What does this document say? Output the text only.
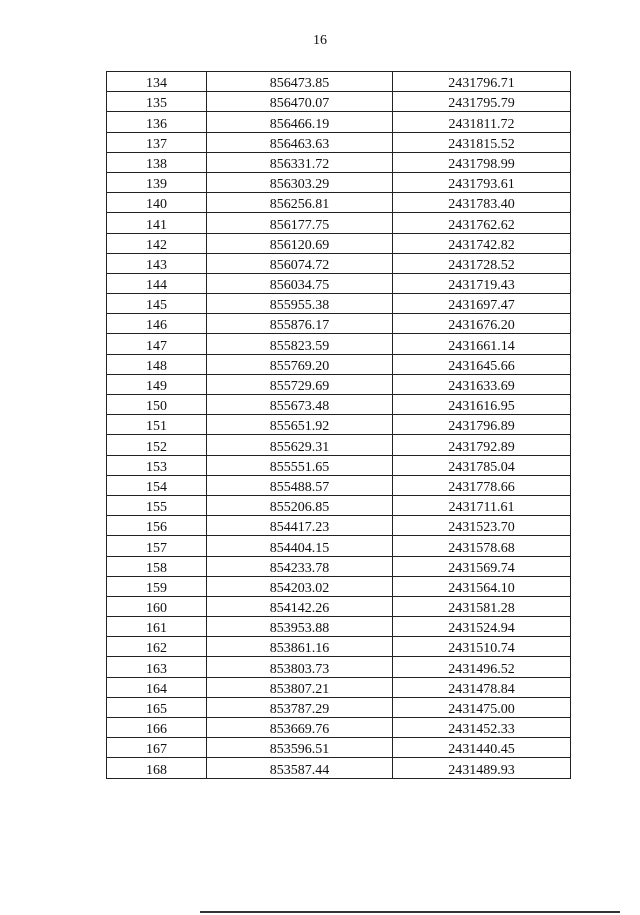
16
134	856473.85	2431796.71
135	856470.07	2431795.79
136	856466.19	2431811.72
137	856463.63	2431815.52
138	856331.72	2431798.99
139	856303.29	2431793.61
140	856256.81	2431783.40
141	856177.75	2431762.62
142	856120.69	2431742.82
143	856074.72	2431728.52
144	856034.75	2431719.43
145	855955.38	2431697.47
146	855876.17	2431676.20
147	855823.59	2431661.14
148	855769.20	2431645.66
149	855729.69	2431633.69
150	855673.48	2431616.95
151	855651.92	2431796.89
152	855629.31	2431792.89
153	855551.65	2431785.04
154	855488.57	2431778.66
155	855206.85	2431711.61
156	854417.23	2431523.70
157	854404.15	2431578.68
158	854233.78	2431569.74
159	854203.02	2431564.10
160	854142.26	2431581.28
161	853953.88	2431524.94
162	853861.16	2431510.74
163	853803.73	2431496.52
164	853807.21	2431478.84
165	853787.29	2431475.00
166	853669.76	2431452.33
167	853596.51	2431440.45
168	853587.44	2431489.93
